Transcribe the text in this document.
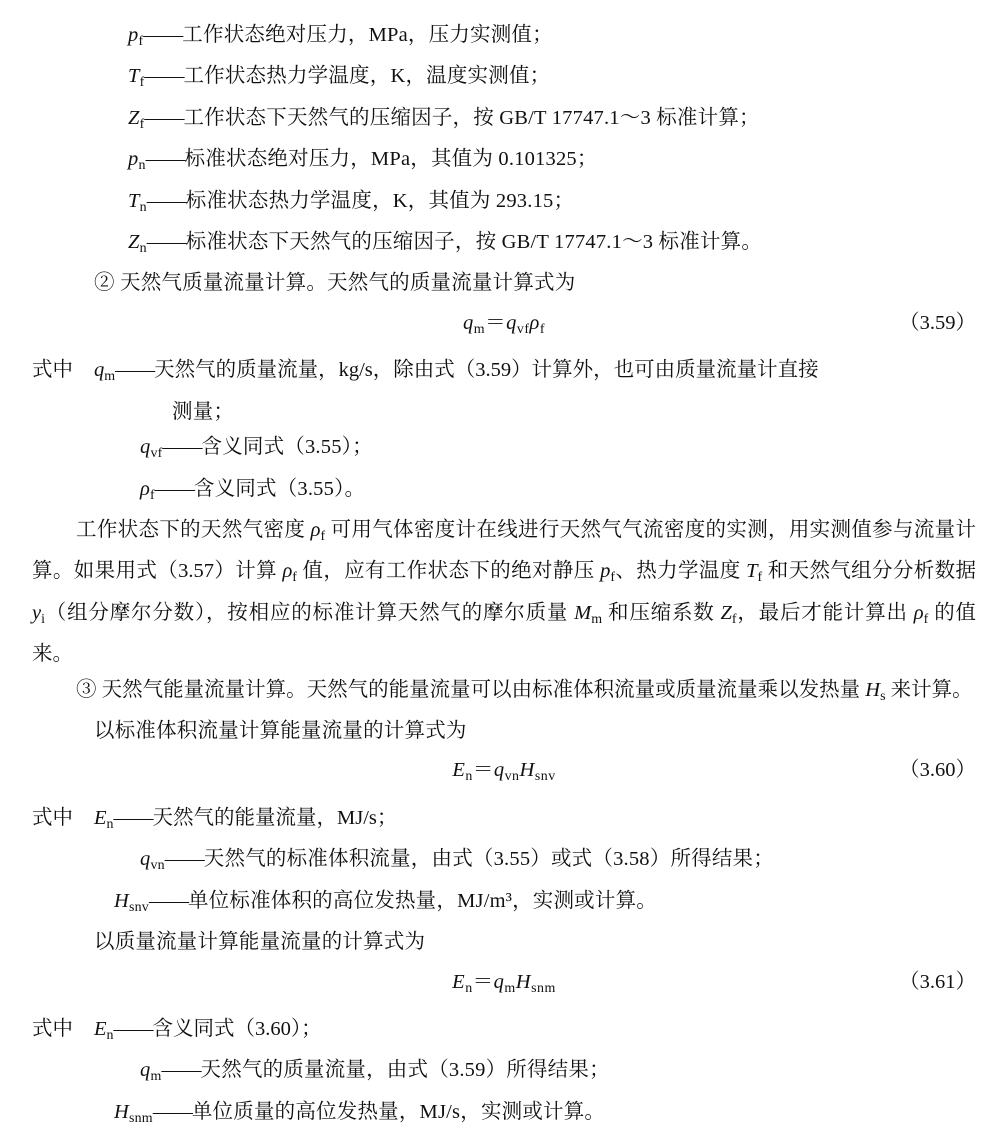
$p_f——$工作状态绝对压力，MPa，压力实测值；
$T_f——$工作状态热力学温度，K，温度实测值；
$Z_f——$工作状态下天然气的压缩因子，按 GB/T 17747.1～3 标准计算；
$p_n——$标准状态绝对压力，MPa，其值为 0.101325；
$T_n——$标准状态热力学温度，K，其值为 293.15；
$Z_n——$标准状态下天然气的压缩因子，按 GB/T 17747.1～3 标准计算。
② 天然气质量流量计算。天然气的质量流量计算式为
$q_m=q_{vf}\rho_f$	（3.59）
式中	$q_m——$天然气的质量流量，kg/s，除由式（3.59）计算外，也可由质量流量计直接
测量；
$q_{vf}——$含义同式（3.55）；
$\rho_f——$含义同式（3.55）。
工作状态下的天然气密度 $\rho_f$ 可用气体密度计在线进行天然气气流密度的实测，用实测值参与流量计算。如果用式（3.57）计算 $\rho_f$ 值，应有工作状态下的绝对静压 $p_f$、热力学温度 $T_f$ 和天然气组分分析数据 $y_i$（组分摩尔分数），按相应的标准计算天然气的摩尔质量 $M_m$ 和压缩系数 $Z_f$，最后才能计算出 $\rho_f$ 的值来。
③ 天然气能量流量计算。天然气的能量流量可以由标准体积流量或质量流量乘以发热量 $H_s$ 来计算。
以标准体积流量计算能量流量的计算式为
$E_n=q_{vn}H_{snv}$	（3.60）
式中	$E_n——$天然气的能量流量，MJ/s；
$q_{vn}——$天然气的标准体积流量，由式（3.55）或式（3.58）所得结果；
$H_{snv}——$单位标准体积的高位发热量，MJ/m³，实测或计算。
以质量流量计算能量流量的计算式为
$E_n=q_mH_{snm}$	（3.61）
式中	$E_n——$含义同式（3.60）；
$q_m——$天然气的质量流量，由式（3.59）所得结果；
$H_{snm}——$单位质量的高位发热量，MJ/s，实测或计算。
